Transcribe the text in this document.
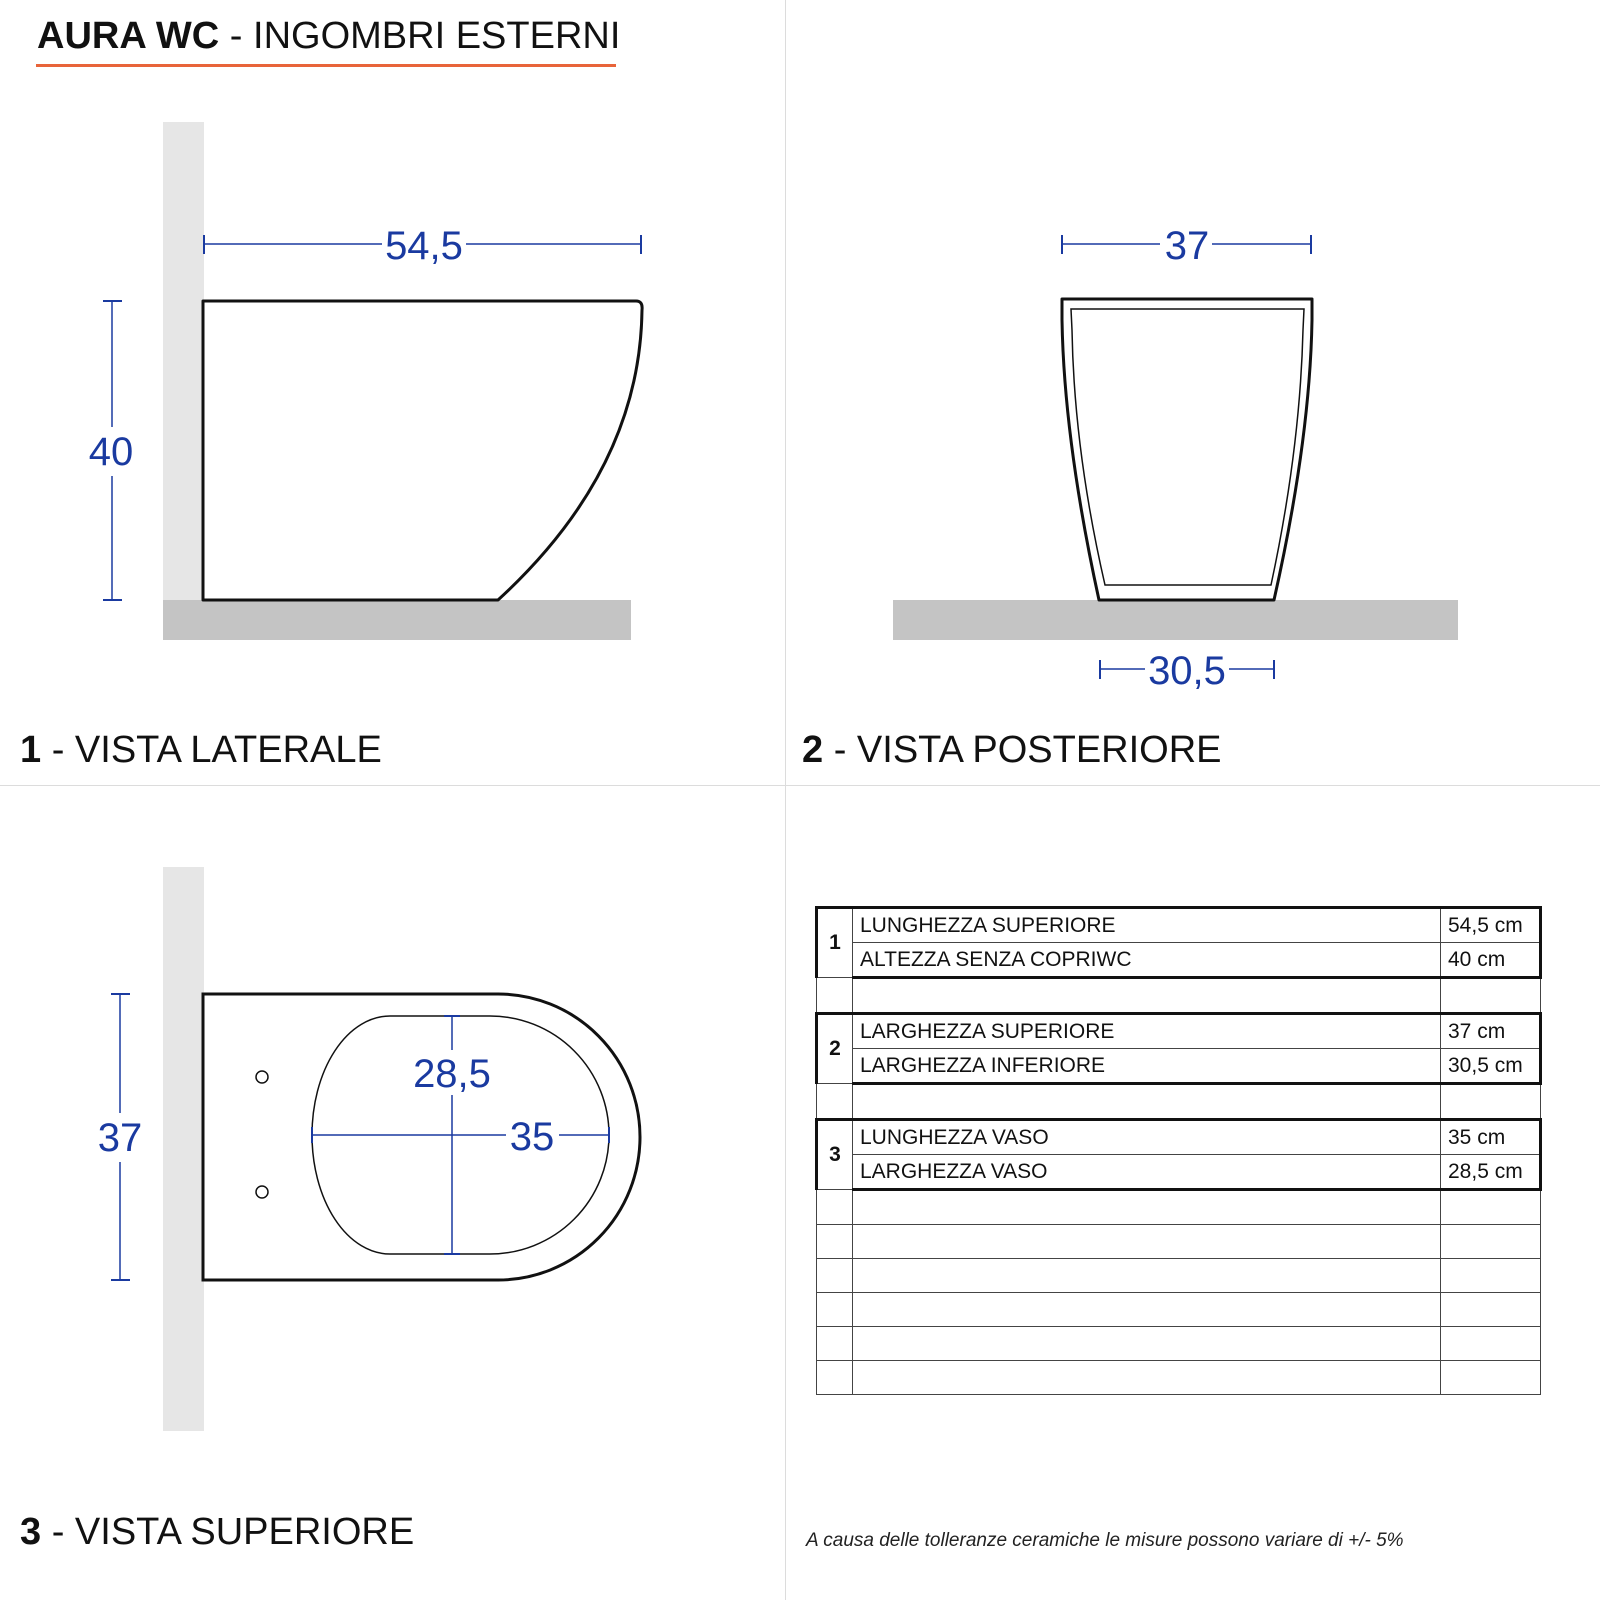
AURA WC - INGOMBRI ESTERNI
54,5
40
37
30,5
37
28,5
35
1 - VISTA LATERALE	2 - VISTA POSTERIORE
3 - VISTA SUPERIORE
1	LUNGHEZZA SUPERIORE	54,5 cm
	ALTEZZA SENZA COPRIWC	40 cm

2	LARGHEZZA SUPERIORE	37 cm
	LARGHEZZA INFERIORE	30,5 cm

3	LUNGHEZZA VASO	35 cm
	LARGHEZZA VASO	28,5 cm

A causa delle tolleranze ceramiche le misure possono variare di +/- 5%
